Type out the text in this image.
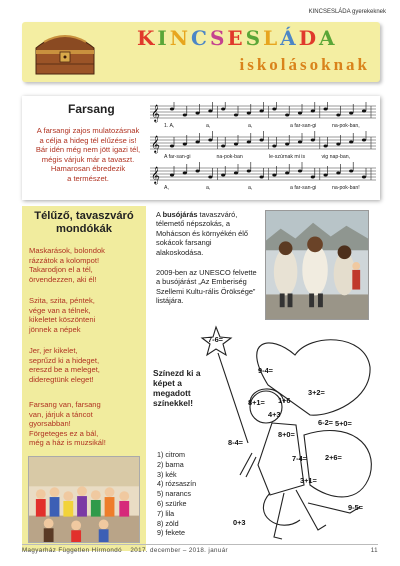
KINCSESLÁDA gyerekeknek
KINCSESLÁDA
iskolásoknak
Farsang
A farsangi zajos mulatozásnak
a célja a hideg tél elűzése is!
Bár idén még nem jött igazi tél,
mégis várjuk már a tavaszt.
Hamarosan ébredezik
a természet.
𝄞
1. A,	a,	a,	a far-san-gi	na-pok-ban,
𝄞
A far-san-gi	na-pok-ban	le-szúrnak mi is	vig nap-ban,
𝄞
A,	a,	a,	a far-san-gi	na-pok-ban!
Télűző, tavaszváró
mondókák
Maskarások, bolondok
rázzátok a kolompot!
Takarodjon el a tél,
örvendezzen, aki él!
Szita, szita, péntek,
vége van a télnek,
kikeletet köszönteni
jönnek a népek
Jer, jer kikelet,
seprűzd ki a hideget,
ereszd be a meleget,
dideregtünk eleget!
Farsang van, farsang
van, járjuk a táncot
gyorsabban!
Förgeteges ez a bál,
még a ház is muzsikál!
A busójárás tavaszváró, télemető népszokás, a Mohácson és környékén élő sokácok farsangi alakoskodása.
2009-ben az UNESCO felvette a busójárást „Az Emberiség Szellemi Kultu-rális Öröksége” listájára.
Színezd ki a képet a megadott színekkel!
1) citrom
2) barna
3) kék
4) rózsaszín
5) narancs
6) szürke
7) lila
8) zöld
9) fekete
7-6=
9-4=
3+2=
8+1= 1+6
6-2= 5+0=
8-4=
8+0=
7-4= 2+6=
3+1=
9-5=
0+3
4+3
Magyarház Független Hírmondó 2017. december – 2018. január	11
